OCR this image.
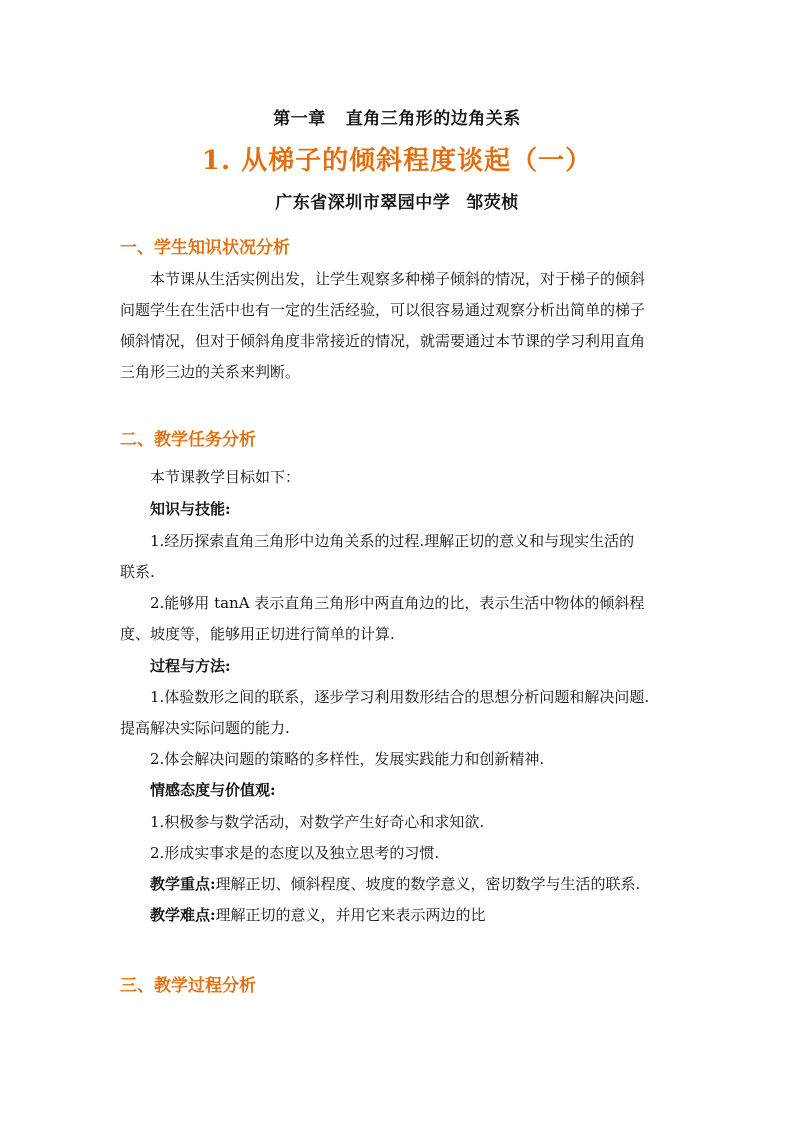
第一章 直角三角形的边角关系
1. 从梯子的倾斜程度谈起（一）
广东省深圳市翠园中学 邹荧桢
一、学生知识状况分析
本节课从生活实例出发，让学生观察多种梯子倾斜的情况，对于梯子的倾斜
问题学生在生活中也有一定的生活经验，可以很容易通过观察分析出简单的梯子
倾斜情况，但对于倾斜角度非常接近的情况，就需要通过本节课的学习利用直角
三角形三边的关系来判断。
二、教学任务分析
本节课教学目标如下：
知识与技能:
1.经历探索直角三角形中边角关系的过程.理解正切的意义和与现实生活的
联系.
2.能够用 tanA 表示直角三角形中两直角边的比，表示生活中物体的倾斜程
度、坡度等，能够用正切进行简单的计算.
过程与方法:
1.体验数形之间的联系，逐步学习利用数形结合的思想分析问题和解决问题.
提高解决实际问题的能力.
2.体会解决问题的策略的多样性，发展实践能力和创新精神.
情感态度与价值观:
1.积极参与数学活动，对数学产生好奇心和求知欲.
2.形成实事求是的态度以及独立思考的习惯.
教学重点:理解正切、倾斜程度、坡度的数学意义，密切数学与生活的联系.
教学难点:理解正切的意义，并用它来表示两边的比
三、教学过程分析
